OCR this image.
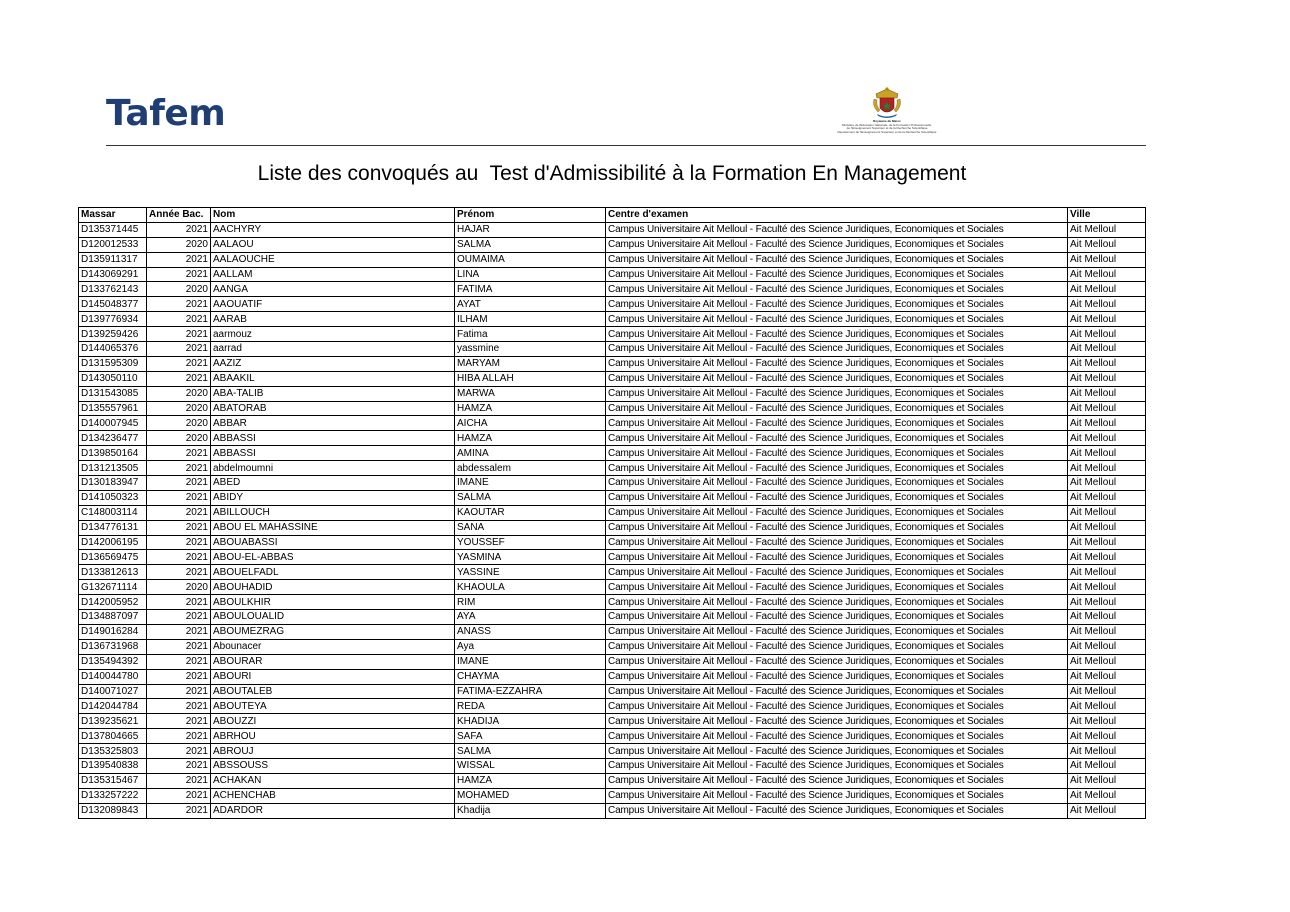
Tafem	Royaume du Maroc
Ministère de l'Éducation Nationale, de la Formation Professionnelle,
de l'Enseignement Supérieur et de la Recherche Scientifique
Département de l'Enseignement Supérieur et de la Recherche Scientifique
Liste des convoqués au  Test d'Admissibilité à la Formation En Management
Massar	Année Bac.	Nom	Prénom	Centre d'examen	Ville
D135371445	2021	AACHYRY	HAJAR	Campus Universitaire Ait Melloul - Faculté des Science Juridiques, Economiques et Sociales	Ait Melloul
D120012533	2020	AALAOU	SALMA	Campus Universitaire Ait Melloul - Faculté des Science Juridiques, Economiques et Sociales	Ait Melloul
D135911317	2021	AALAOUCHE	OUMAIMA	Campus Universitaire Ait Melloul - Faculté des Science Juridiques, Economiques et Sociales	Ait Melloul
D143069291	2021	AALLAM	LINA	Campus Universitaire Ait Melloul - Faculté des Science Juridiques, Economiques et Sociales	Ait Melloul
D133762143	2020	AANGA	FATIMA	Campus Universitaire Ait Melloul - Faculté des Science Juridiques, Economiques et Sociales	Ait Melloul
D145048377	2021	AAOUATIF	AYAT	Campus Universitaire Ait Melloul - Faculté des Science Juridiques, Economiques et Sociales	Ait Melloul
D139776934	2021	AARAB	ILHAM	Campus Universitaire Ait Melloul - Faculté des Science Juridiques, Economiques et Sociales	Ait Melloul
D139259426	2021	aarmouz	Fatima	Campus Universitaire Ait Melloul - Faculté des Science Juridiques, Economiques et Sociales	Ait Melloul
D144065376	2021	aarrad	yassmine	Campus Universitaire Ait Melloul - Faculté des Science Juridiques, Economiques et Sociales	Ait Melloul
D131595309	2021	AAZIZ	MARYAM	Campus Universitaire Ait Melloul - Faculté des Science Juridiques, Economiques et Sociales	Ait Melloul
D143050110	2021	ABAAKIL	HIBA ALLAH	Campus Universitaire Ait Melloul - Faculté des Science Juridiques, Economiques et Sociales	Ait Melloul
D131543085	2020	ABA-TALIB	MARWA	Campus Universitaire Ait Melloul - Faculté des Science Juridiques, Economiques et Sociales	Ait Melloul
D135557961	2020	ABATORAB	HAMZA	Campus Universitaire Ait Melloul - Faculté des Science Juridiques, Economiques et Sociales	Ait Melloul
D140007945	2020	ABBAR	AICHA	Campus Universitaire Ait Melloul - Faculté des Science Juridiques, Economiques et Sociales	Ait Melloul
D134236477	2020	ABBASSI	HAMZA	Campus Universitaire Ait Melloul - Faculté des Science Juridiques, Economiques et Sociales	Ait Melloul
D139850164	2021	ABBASSI	AMINA	Campus Universitaire Ait Melloul - Faculté des Science Juridiques, Economiques et Sociales	Ait Melloul
D131213505	2021	abdelmoumni	abdessalem	Campus Universitaire Ait Melloul - Faculté des Science Juridiques, Economiques et Sociales	Ait Melloul
D130183947	2021	ABED	IMANE	Campus Universitaire Ait Melloul - Faculté des Science Juridiques, Economiques et Sociales	Ait Melloul
D141050323	2021	ABIDY	SALMA	Campus Universitaire Ait Melloul - Faculté des Science Juridiques, Economiques et Sociales	Ait Melloul
C148003114	2021	ABILLOUCH	KAOUTAR	Campus Universitaire Ait Melloul - Faculté des Science Juridiques, Economiques et Sociales	Ait Melloul
D134776131	2021	ABOU EL MAHASSINE	SANA	Campus Universitaire Ait Melloul - Faculté des Science Juridiques, Economiques et Sociales	Ait Melloul
D142006195	2021	ABOUABASSI	YOUSSEF	Campus Universitaire Ait Melloul - Faculté des Science Juridiques, Economiques et Sociales	Ait Melloul
D136569475	2021	ABOU-EL-ABBAS	YASMINA	Campus Universitaire Ait Melloul - Faculté des Science Juridiques, Economiques et Sociales	Ait Melloul
D133812613	2021	ABOUELFADL	YASSINE	Campus Universitaire Ait Melloul - Faculté des Science Juridiques, Economiques et Sociales	Ait Melloul
G132671114	2020	ABOUHADID	KHAOULA	Campus Universitaire Ait Melloul - Faculté des Science Juridiques, Economiques et Sociales	Ait Melloul
D142005952	2021	ABOULKHIR	RIM	Campus Universitaire Ait Melloul - Faculté des Science Juridiques, Economiques et Sociales	Ait Melloul
D134887097	2021	ABOULOUALID	AYA	Campus Universitaire Ait Melloul - Faculté des Science Juridiques, Economiques et Sociales	Ait Melloul
D149016284	2021	ABOUMEZRAG	ANASS	Campus Universitaire Ait Melloul - Faculté des Science Juridiques, Economiques et Sociales	Ait Melloul
D136731968	2021	Abounacer	Aya	Campus Universitaire Ait Melloul - Faculté des Science Juridiques, Economiques et Sociales	Ait Melloul
D135494392	2021	ABOURAR	IMANE	Campus Universitaire Ait Melloul - Faculté des Science Juridiques, Economiques et Sociales	Ait Melloul
D140044780	2021	ABOURI	CHAYMA	Campus Universitaire Ait Melloul - Faculté des Science Juridiques, Economiques et Sociales	Ait Melloul
D140071027	2021	ABOUTALEB	FATIMA-EZZAHRA	Campus Universitaire Ait Melloul - Faculté des Science Juridiques, Economiques et Sociales	Ait Melloul
D142044784	2021	ABOUTEYA	REDA	Campus Universitaire Ait Melloul - Faculté des Science Juridiques, Economiques et Sociales	Ait Melloul
D139235621	2021	ABOUZZI	KHADIJA	Campus Universitaire Ait Melloul - Faculté des Science Juridiques, Economiques et Sociales	Ait Melloul
D137804665	2021	ABRHOU	SAFA	Campus Universitaire Ait Melloul - Faculté des Science Juridiques, Economiques et Sociales	Ait Melloul
D135325803	2021	ABROUJ	SALMA	Campus Universitaire Ait Melloul - Faculté des Science Juridiques, Economiques et Sociales	Ait Melloul
D139540838	2021	ABSSOUSS	WISSAL	Campus Universitaire Ait Melloul - Faculté des Science Juridiques, Economiques et Sociales	Ait Melloul
D135315467	2021	ACHAKAN	HAMZA	Campus Universitaire Ait Melloul - Faculté des Science Juridiques, Economiques et Sociales	Ait Melloul
D133257222	2021	ACHENCHAB	MOHAMED	Campus Universitaire Ait Melloul - Faculté des Science Juridiques, Economiques et Sociales	Ait Melloul
D132089843	2021	ADARDOR	Khadija	Campus Universitaire Ait Melloul - Faculté des Science Juridiques, Economiques et Sociales	Ait Melloul
